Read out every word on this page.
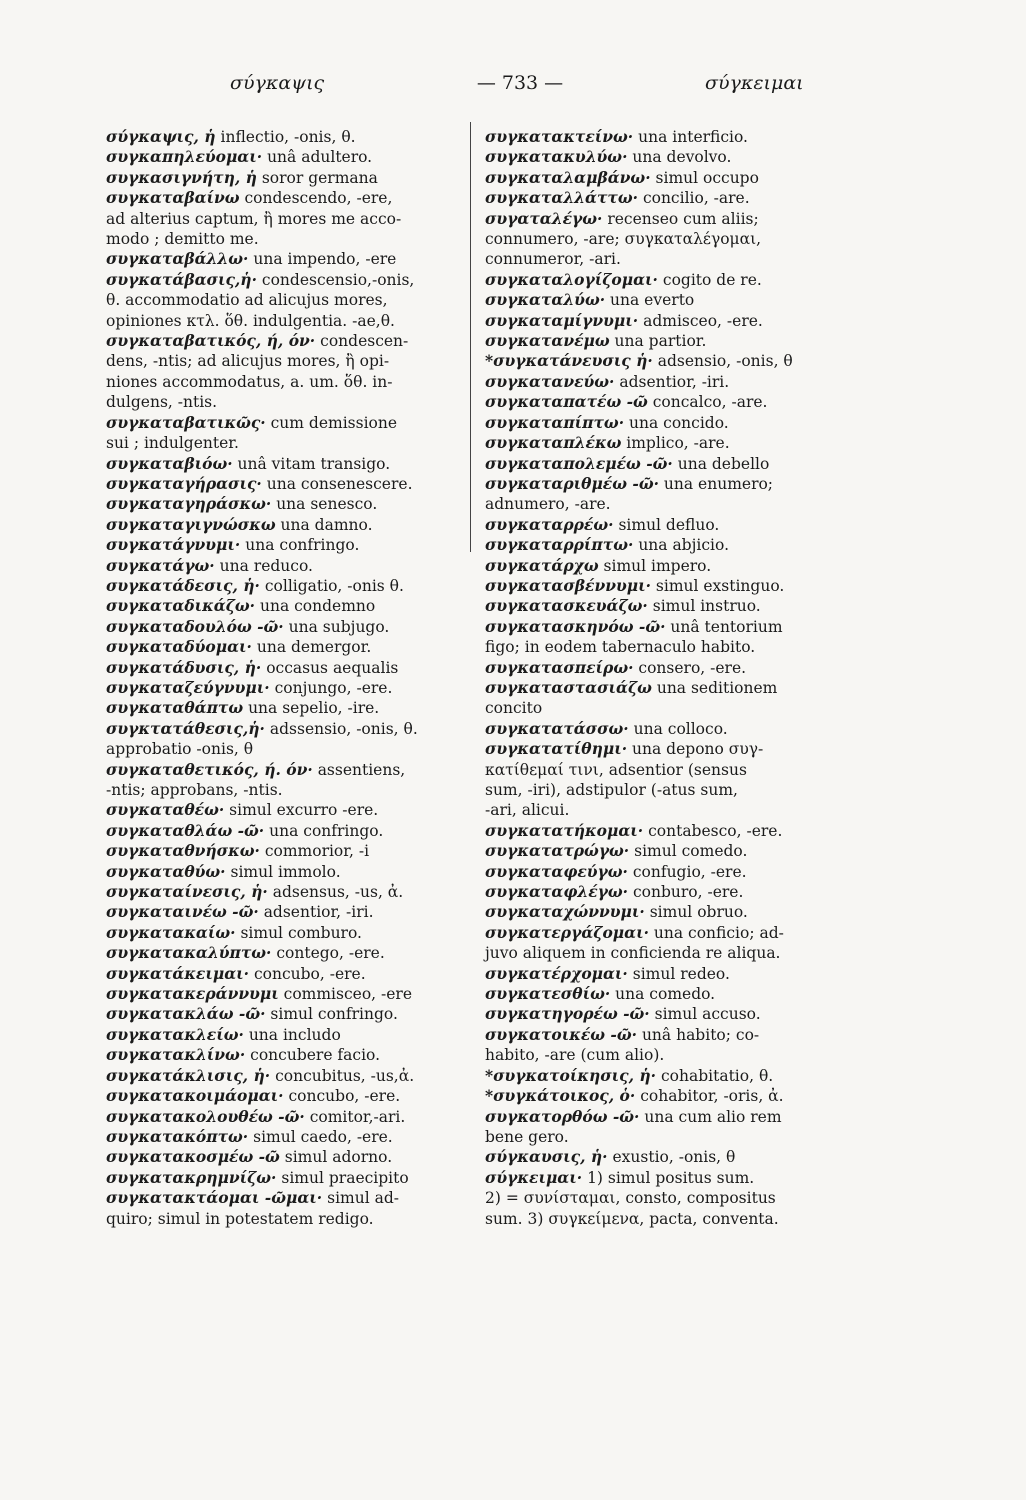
σύγκαψις	— 733 —	σύγκειμαι

σύγκαψις, ἡ inflectio, -onis, θ.

συγκαπηλεύομαι· unâ adultero.

συγκασιγνήτη, ἡ soror germana

συγκαταβαίνω condescendo, -ere,

ad alterius captum, ἢ mores me acco-

modo ; demitto me.

συγκαταβάλλω· una impendo, -ere

συγκατάβασις,ἡ· condescensio,-onis,

θ. accommodatio ad alicujus mores,

opiniones κτλ. ὅθ. indulgentia. -ae,θ.

συγκαταβατικός, ή, όν· condescen-

dens, -ntis; ad alicujus mores, ἢ opi-

niones accommodatus, a. um. ὅθ. in-

dulgens, -ntis.

συγκαταβατικῶς· cum demissione

sui ; indulgenter.

συγκαταβιόω· unâ vitam transigo.

συγκαταγήρασις· una consenescere.

συγκαταγηράσκω· una senesco.

συγκαταγιγνώσκω una damno.

συγκατάγνυμι· una confringo.

συγκατάγω· una reduco.

συγκατάδεσις, ἡ· colligatio, -onis θ.

συγκαταδικάζω· una condemno

συγκαταδουλόω -ῶ· una subjugo.

συγκαταδύομαι· una demergor.

συγκατάδυσις, ἡ· occasus aequalis

συγκαταζεύγνυμι· conjungo, -ere.

συγκαταθάπτω una sepelio, -ire.

συγκτατάθεσις,ἡ· adssensio, -onis, θ.

approbatio -onis, θ

συγκαταθετικός, ή. όν· assentiens,

-ntis; approbans, -ntis.

συγκαταθέω· simul excurro -ere.

συγκαταθλάω -ῶ· una confringo.

συγκαταθνήσκω· commorior, -i

συγκαταθύω· simul immolo.

συγκαταίνεσις, ἡ· adsensus, -us, ἀ.

συγκαταινέω -ῶ· adsentior, -iri.

συγκατακαίω· simul comburo.

συγκατακαλύπτω· contego, -ere.

συγκατάκειμαι· concubo, -ere.

συγκατακεράννυμι commisceo, -ere

συγκατακλάω -ῶ· simul confringo.

συγκατακλείω· una includo

συγκατακλίνω· concubere facio.

συγκατάκλισις, ἡ· concubitus, -us,ἀ.

συγκατακοιμάομαι· concubo, -ere.

συγκατακολουθέω -ῶ· comitor,-ari.

συγκατακόπτω· simul caedo, -ere.

συγκατακοσμέω -ῶ simul adorno.

συγκατακρημνίζω· simul praecipito

συγκατακτάομαι -ῶμαι· simul ad-

quiro; simul in potestatem redigo.

συγκατακτείνω· una interficio.

συγκατακυλύω· una devolvo.

συγκαταλαμβάνω· simul occupo

συγκαταλλάττω· concilio, -are.

συγαταλέγω· recenseo cum aliis;

connumero, -are; συγκαταλέγομαι,

connumeror, -ari.

συγκαταλογίζομαι· cogito de re.

συγκαταλύω· una everto

συγκαταμίγνυμι· admisceo, -ere.

συγκατανέμω una partior.

*συγκατάνευσις ἡ· adsensio, -onis, θ

συγκατανεύω· adsentior, -iri.

συγκαταπατέω -ῶ concalco, -are.

συγκαταπίπτω· una concido.

συγκαταπλέκω implico, -are.

συγκαταπολεμέω -ῶ· una debello

συγκαταριθμέω -ῶ· una enumero;

adnumero, -are.

συγκαταρρέω· simul defluo.

συγκαταρρίπτω· una abjicio.

συγκατάρχω simul impero.

συγκατασβέννυμι· simul exstinguo.

συγκατασκευάζω· simul instruo.

συγκατασκηνόω -ῶ· unâ tentorium

figo; in eodem tabernaculo habito.

συγκατασπείρω· consero, -ere.

συγκαταστασιάζω una seditionem

concito

συγκατατάσσω· una colloco.

συγκατατίθημι· una depono συγ-

κατίθεμαί τινι, adsentior (sensus

sum, -iri), adstipulor (-atus sum,

-ari, alicui.

συγκατατήκομαι· contabesco, -ere.

συγκατατρώγω· simul comedo.

συγκαταφεύγω· confugio, -ere.

συγκαταφλέγω· conburo, -ere.

συγκαταχώννυμι· simul obruo.

συγκατεργάζομαι· una conficio; ad-

juvo aliquem in conficienda re aliqua.

συγκατέρχομαι· simul redeo.

συγκατεσθίω· una comedo.

συγκατηγορέω -ῶ· simul accuso.

συγκατοικέω -ῶ· unâ habito; co-

habito, -are (cum alio).

*συγκατοίκησις, ἡ· cohabitatio, θ.

*συγκάτοικος, ὁ· cohabitor, -oris, ἀ.

συγκατορθόω -ῶ· una cum alio rem

bene gero.

σύγκαυσις, ἡ· exustio, -onis, θ

σύγκειμαι· 1) simul positus sum.

2) = συνίσταμαι, consto, compositus

sum. 3) συγκείμενα, pacta, conventa.
